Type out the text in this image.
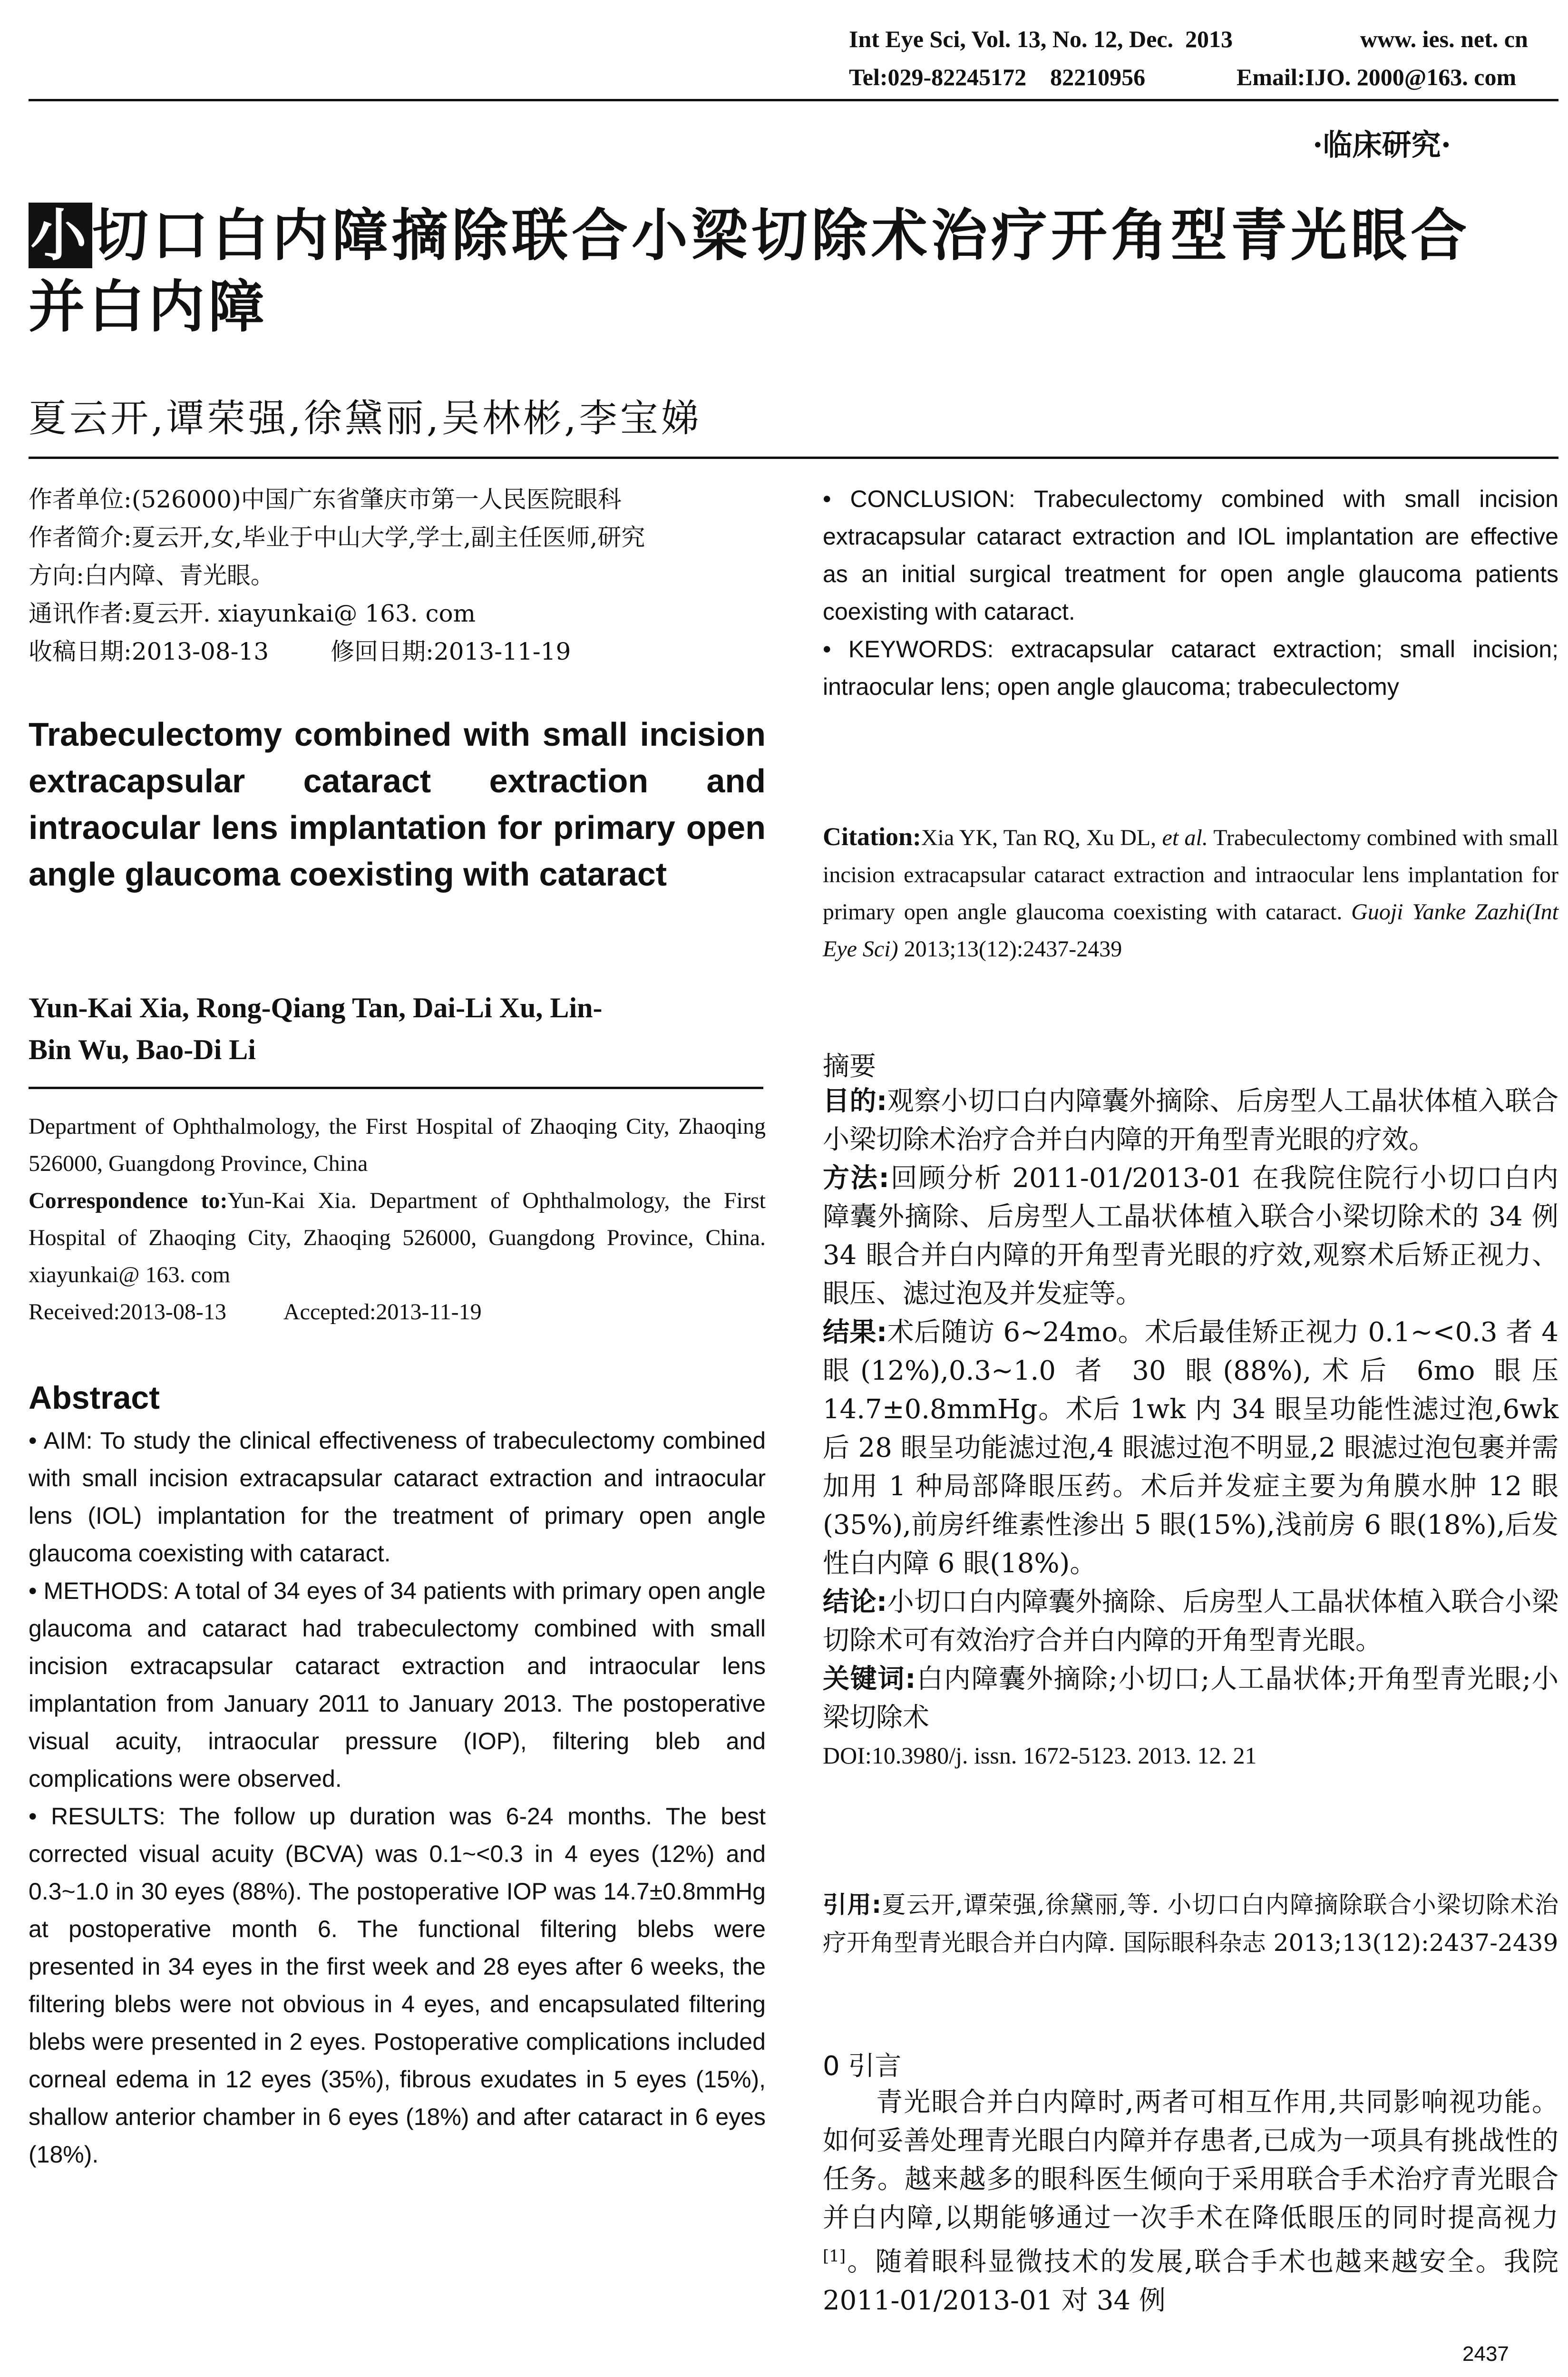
Int Eye Sci, Vol. 13, No. 12, Dec.  2013	www. ies. net. cn
Tel:029-82245172    82210956	Email:IJO. 2000@163. com
·临床研究·
小切口白内障摘除联合小梁切除术治疗开角型青光眼合
并白内障
夏云开,谭荣强,徐黛丽,吴林彬,李宝娣
作者单位:(526000)中国广东省肇庆市第一人民医院眼科
作者简介:夏云开,女,毕业于中山大学,学士,副主任医师,研究
方向:白内障、青光眼。
通讯作者:夏云开. xiayunkai@ 163. com
收稿日期:2013-08-13	修回日期:2013-11-19
Trabeculectomy combined with small incision extracapsular cataract extraction and intraocular lens implantation for primary open angle glaucoma coexisting with cataract
Yun-Kai Xia, Rong-Qiang Tan, Dai-Li Xu, Lin-
Bin Wu, Bao-Di Li

Department of Ophthalmology, the First Hospital of Zhaoqing City, Zhaoqing 526000, Guangdong Province, China

Correspondence to:Yun-Kai Xia. Department of Ophthalmology, the First Hospital of Zhaoqing City, Zhaoqing 526000, Guangdong Province, China. xiayunkai@ 163. com

Received:2013-08-13	Accepted:2013-11-19

Abstract

• AIM: To study the clinical effectiveness of trabeculectomy combined with small incision extracapsular cataract extraction and intraocular lens (IOL) implantation for the treatment of primary open angle glaucoma coexisting with cataract.

• METHODS: A total of 34 eyes of 34 patients with primary open angle glaucoma and cataract had trabeculectomy combined with small incision extracapsular cataract extraction and intraocular lens implantation from January 2011 to January 2013. The postoperative visual acuity, intraocular pressure (IOP), filtering bleb and complications were observed.

• RESULTS: The follow up duration was 6-24 months. The best corrected visual acuity (BCVA) was 0.1~<0.3 in 4 eyes (12%) and 0.3~1.0 in 30 eyes (88%). The postoperative IOP was 14.7±0.8mmHg at postoperative month 6. The functional filtering blebs were presented in 34 eyes in the first week and 28 eyes after 6 weeks, the filtering blebs were not obvious in 4 eyes, and encapsulated filtering blebs were presented in 2 eyes. Postoperative complications included corneal edema in 12 eyes (35%), fibrous exudates in 5 eyes (15%), shallow anterior chamber in 6 eyes (18%) and after cataract in 6 eyes (18%).

• CONCLUSION: Trabeculectomy combined with small incision extracapsular cataract extraction and IOL implantation are effective as an initial surgical treatment for open angle glaucoma patients coexisting with cataract.

• KEYWORDS: extracapsular cataract extraction; small incision; intraocular lens; open angle glaucoma; trabeculectomy

Citation:Xia YK, Tan RQ, Xu DL, et al. Trabeculectomy combined with small incision extracapsular cataract extraction and intraocular lens implantation for primary open angle glaucoma coexisting with cataract. Guoji Yanke Zazhi(Int Eye Sci) 2013;13(12):2437-2439

摘要

目的:观察小切口白内障囊外摘除、后房型人工晶状体植入联合小梁切除术治疗合并白内障的开角型青光眼的疗效。

方法:回顾分析 2011-01/2013-01 在我院住院行小切口白内障囊外摘除、后房型人工晶状体植入联合小梁切除术的 34 例 34 眼合并白内障的开角型青光眼的疗效,观察术后矫正视力、眼压、滤过泡及并发症等。

结果:术后随访 6~24mo。术后最佳矫正视力 0.1~<0.3 者 4 眼(12%),0.3~1.0 者 30 眼(88%),术后 6mo 眼压 14.7±0.8mmHg。术后 1wk 内 34 眼呈功能性滤过泡,6wk 后 28 眼呈功能滤过泡,4 眼滤过泡不明显,2 眼滤过泡包裹并需加用 1 种局部降眼压药。术后并发症主要为角膜水肿 12 眼(35%),前房纤维素性渗出 5 眼(15%),浅前房 6 眼(18%),后发性白内障 6 眼(18%)。

结论:小切口白内障囊外摘除、后房型人工晶状体植入联合小梁切除术可有效治疗合并白内障的开角型青光眼。

关键词:白内障囊外摘除;小切口;人工晶状体;开角型青光眼;小梁切除术

DOI:10.3980/j. issn. 1672-5123. 2013. 12. 21

引用:夏云开,谭荣强,徐黛丽,等. 小切口白内障摘除联合小梁切除术治疗开角型青光眼合并白内障. 国际眼科杂志 2013;13(12):2437-2439

0 引言

青光眼合并白内障时,两者可相互作用,共同影响视功能。如何妥善处理青光眼白内障并存患者,已成为一项具有挑战性的任务。越来越多的眼科医生倾向于采用联合手术治疗青光眼合并白内障,以期能够通过一次手术在降低眼压的同时提高视力[1]。随着眼科显微技术的发展,联合手术也越来越安全。我院 2011-01/2013-01 对 34 例

2437
